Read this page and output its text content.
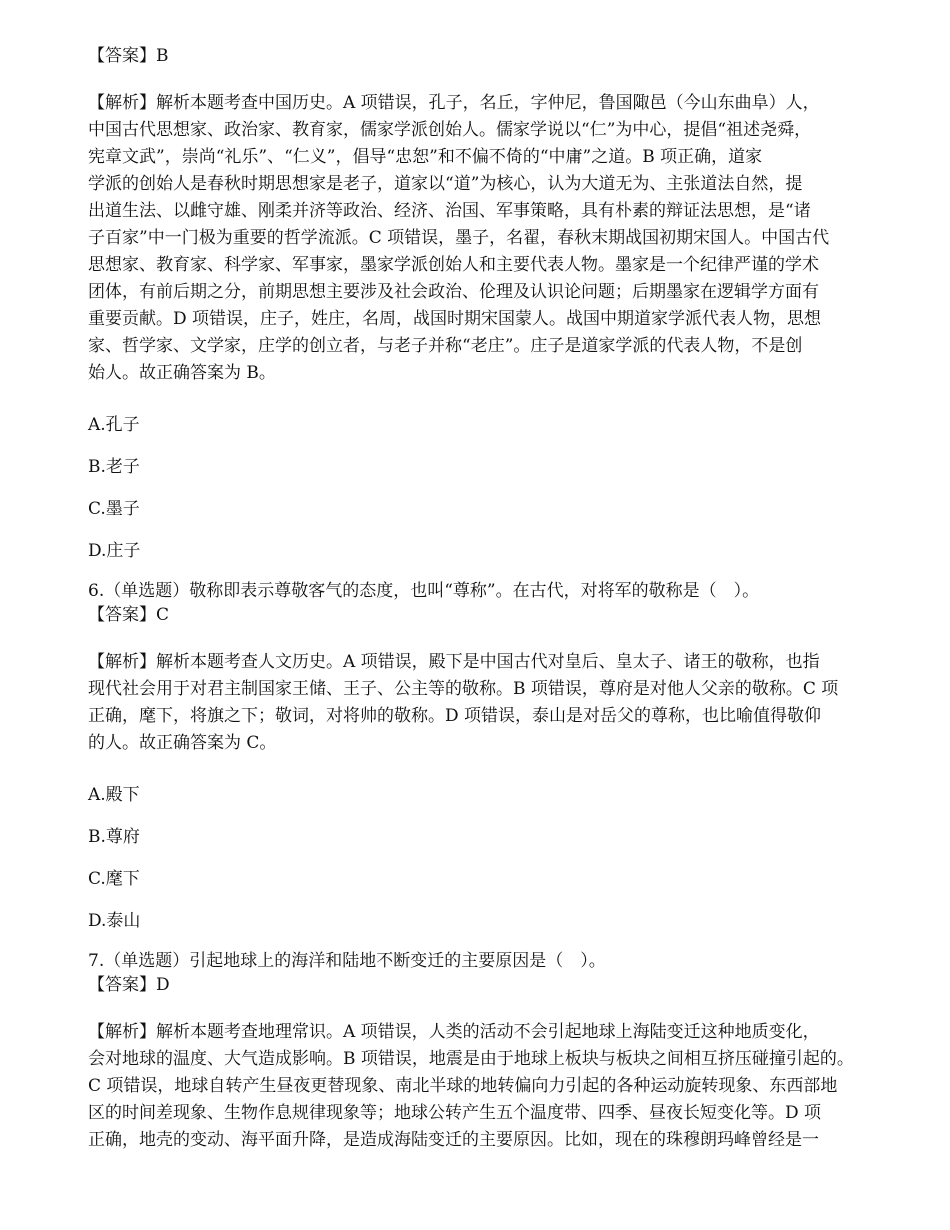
【答案】B

【解析】解析本题考查中国历史。A 项错误，孔子，名丘，字仲尼，鲁国陬邑（今山东曲阜）人，
中国古代思想家、政治家、教育家，儒家学派创始人。儒家学说以“仁”为中心，提倡“祖述尧舜，
宪章文武”，崇尚“礼乐”、“仁义”，倡导“忠恕”和不偏不倚的“中庸”之道。B 项正确，道家
学派的创始人是春秋时期思想家是老子，道家以“道”为核心，认为大道无为、主张道法自然，提
出道生法、以雌守雄、刚柔并济等政治、经济、治国、军事策略，具有朴素的辩证法思想，是“诸
子百家”中一门极为重要的哲学流派。C 项错误，墨子，名翟，春秋末期战国初期宋国人。中国古代
思想家、教育家、科学家、军事家，墨家学派创始人和主要代表人物。墨家是一个纪律严谨的学术
团体，有前后期之分，前期思想主要涉及社会政治、伦理及认识论问题；后期墨家在逻辑学方面有
重要贡献。D 项错误，庄子，姓庄，名周，战国时期宋国蒙人。战国中期道家学派代表人物，思想
家、哲学家、文学家，庄学的创立者，与老子并称“老庄”。庄子是道家学派的代表人物，不是创
始人。故正确答案为 B。

A.孔子

B.老子

C.墨子

D.庄子

6.（单选题）敬称即表示尊敬客气的态度，也叫“尊称”。在古代，对将军的敬称是（　）。

【答案】C

【解析】解析本题考查人文历史。A 项错误，殿下是中国古代对皇后、皇太子、诸王的敬称，也指
现代社会用于对君主制国家王储、王子、公主等的敬称。B 项错误，尊府是对他人父亲的敬称。C 项
正确，麾下，将旗之下；敬词，对将帅的敬称。D 项错误，泰山是对岳父的尊称，也比喻值得敬仰
的人。故正确答案为 C。

A.殿下

B.尊府

C.麾下

D.泰山

7.（单选题）引起地球上的海洋和陆地不断变迁的主要原因是（　）。

【答案】D

【解析】解析本题考查地理常识。A 项错误，人类的活动不会引起地球上海陆变迁这种地质变化，
会对地球的温度、大气造成影响。B 项错误，地震是由于地球上板块与板块之间相互挤压碰撞引起的。
C 项错误，地球自转产生昼夜更替现象、南北半球的地转偏向力引起的各种运动旋转现象、东西部地
区的时间差现象、生物作息规律现象等；地球公转产生五个温度带、四季、昼夜长短变化等。D 项
正确，地壳的变动、海平面升降，是造成海陆变迁的主要原因。比如，现在的珠穆朗玛峰曾经是一
